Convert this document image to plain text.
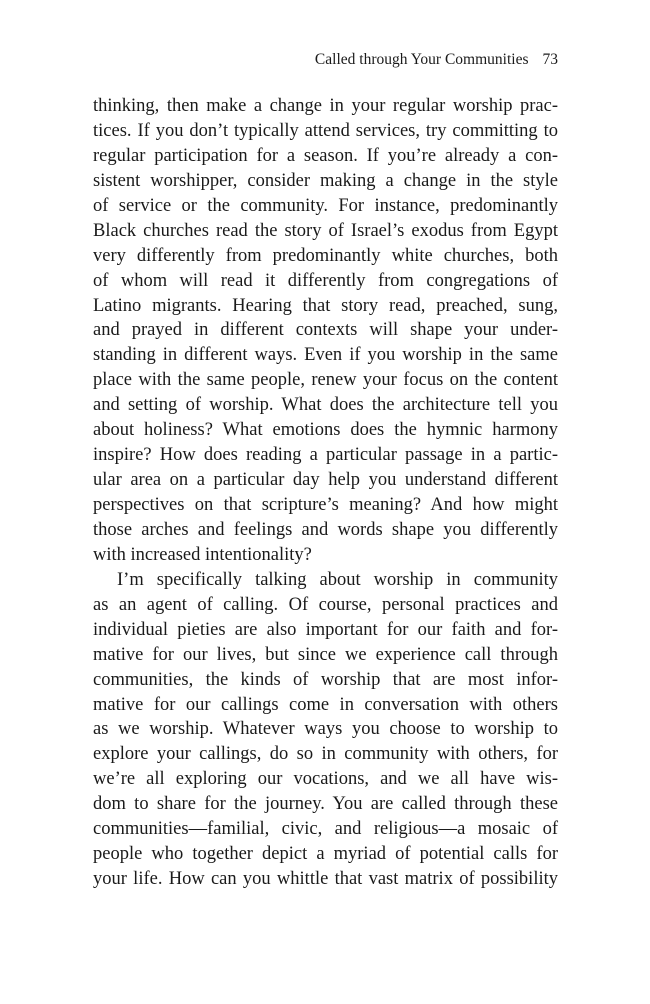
Called through Your Communities 73
thinking, then make a change in your regular worship prac-
tices. If you don’t typically attend services, try committing to
regular participation for a season. If you’re already a con-
sistent worshipper, consider making a change in the style
of service or the community. For instance, predominantly
Black churches read the story of Israel’s exodus from Egypt
very differently from predominantly white churches, both
of whom will read it differently from congregations of
Latino migrants. Hearing that story read, preached, sung,
and prayed in different contexts will shape your under-
standing in different ways. Even if you worship in the same
place with the same people, renew your focus on the content
and setting of worship. What does the architecture tell you
about holiness? What emotions does the hymnic harmony
inspire? How does reading a particular passage in a partic-
ular area on a particular day help you understand different
perspectives on that scripture’s meaning? And how might
those arches and feelings and words shape you differently
with increased intentionality?
I’m specifically talking about worship in community
as an agent of calling. Of course, personal practices and
individual pieties are also important for our faith and for-
mative for our lives, but since we experience call through
communities, the kinds of worship that are most infor-
mative for our callings come in conversation with others
as we worship. Whatever ways you choose to worship to
explore your callings, do so in community with others, for
we’re all exploring our vocations, and we all have wis-
dom to share for the journey. You are called through these
communities—familial, civic, and religious—a mosaic of
people who together depict a myriad of potential calls for
your life. How can you whittle that vast matrix of possibility
